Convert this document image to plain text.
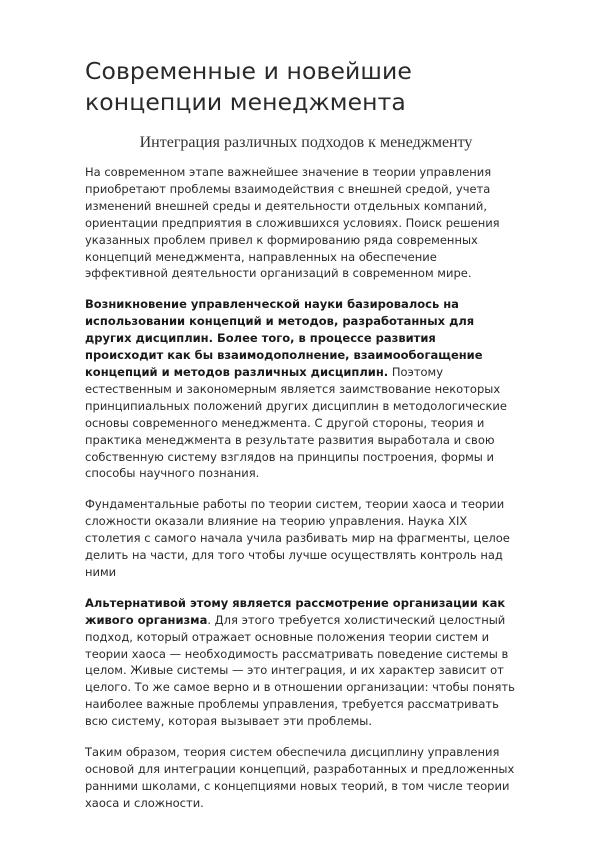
Современные и новейшие концепции менеджмента
Интеграция различных подходов к менеджменту

На современном этапе важнейшее значение в теории управления приобретают проблемы взаимодействия с внешней средой, учета изменений внешней среды и деятельности отдельных компаний, ориентации предприятия в сложившихся условиях. Поиск решения указанных проблем привел к формированию ряда современных концепций менеджмента, направленных на обеспечение эффективной деятельности организаций в современном мире.

Возникновение управленческой науки базировалось на использовании концепций и методов, разработанных для других дисциплин. Более того, в процессе развития происходит как бы взаимодополнение, взаимообогащение концепций и методов различных дисциплин. Поэтому естественным и закономерным является заимствование некоторых принципиальных положений других дисциплин в методологические основы современного менеджмента. С другой стороны, теория и практика менеджмента в результате развития выработала и свою собственную систему взглядов на принципы построения, формы и способы научного познания.

Фундаментальные работы по теории систем, теории хаоса и теории сложности оказали влияние на теорию управления. Наука XIX столетия с самого начала учила разбивать мир на фрагменты, целое делить на части, для того чтобы лучше осуществлять контроль над ними

Альтернативой этому является рассмотрение организации как живого организма. Для этого требуется холистический целостный подход, который отражает основные положения теории систем и теории хаоса — необходимость рассматривать поведение системы в целом. Живые системы — это интеграция, и их характер зависит от целого. То же самое верно и в отношении организации: чтобы понять наиболее важные проблемы управления, требуется рассматривать всю систему, которая вызывает эти проблемы.

Таким образом, теория систем обеспечила дисциплину управления основой для интеграции концепций, разработанных и предложенных ранними школами, с концепциями новых теорий, в том числе теории хаоса и сложности.
